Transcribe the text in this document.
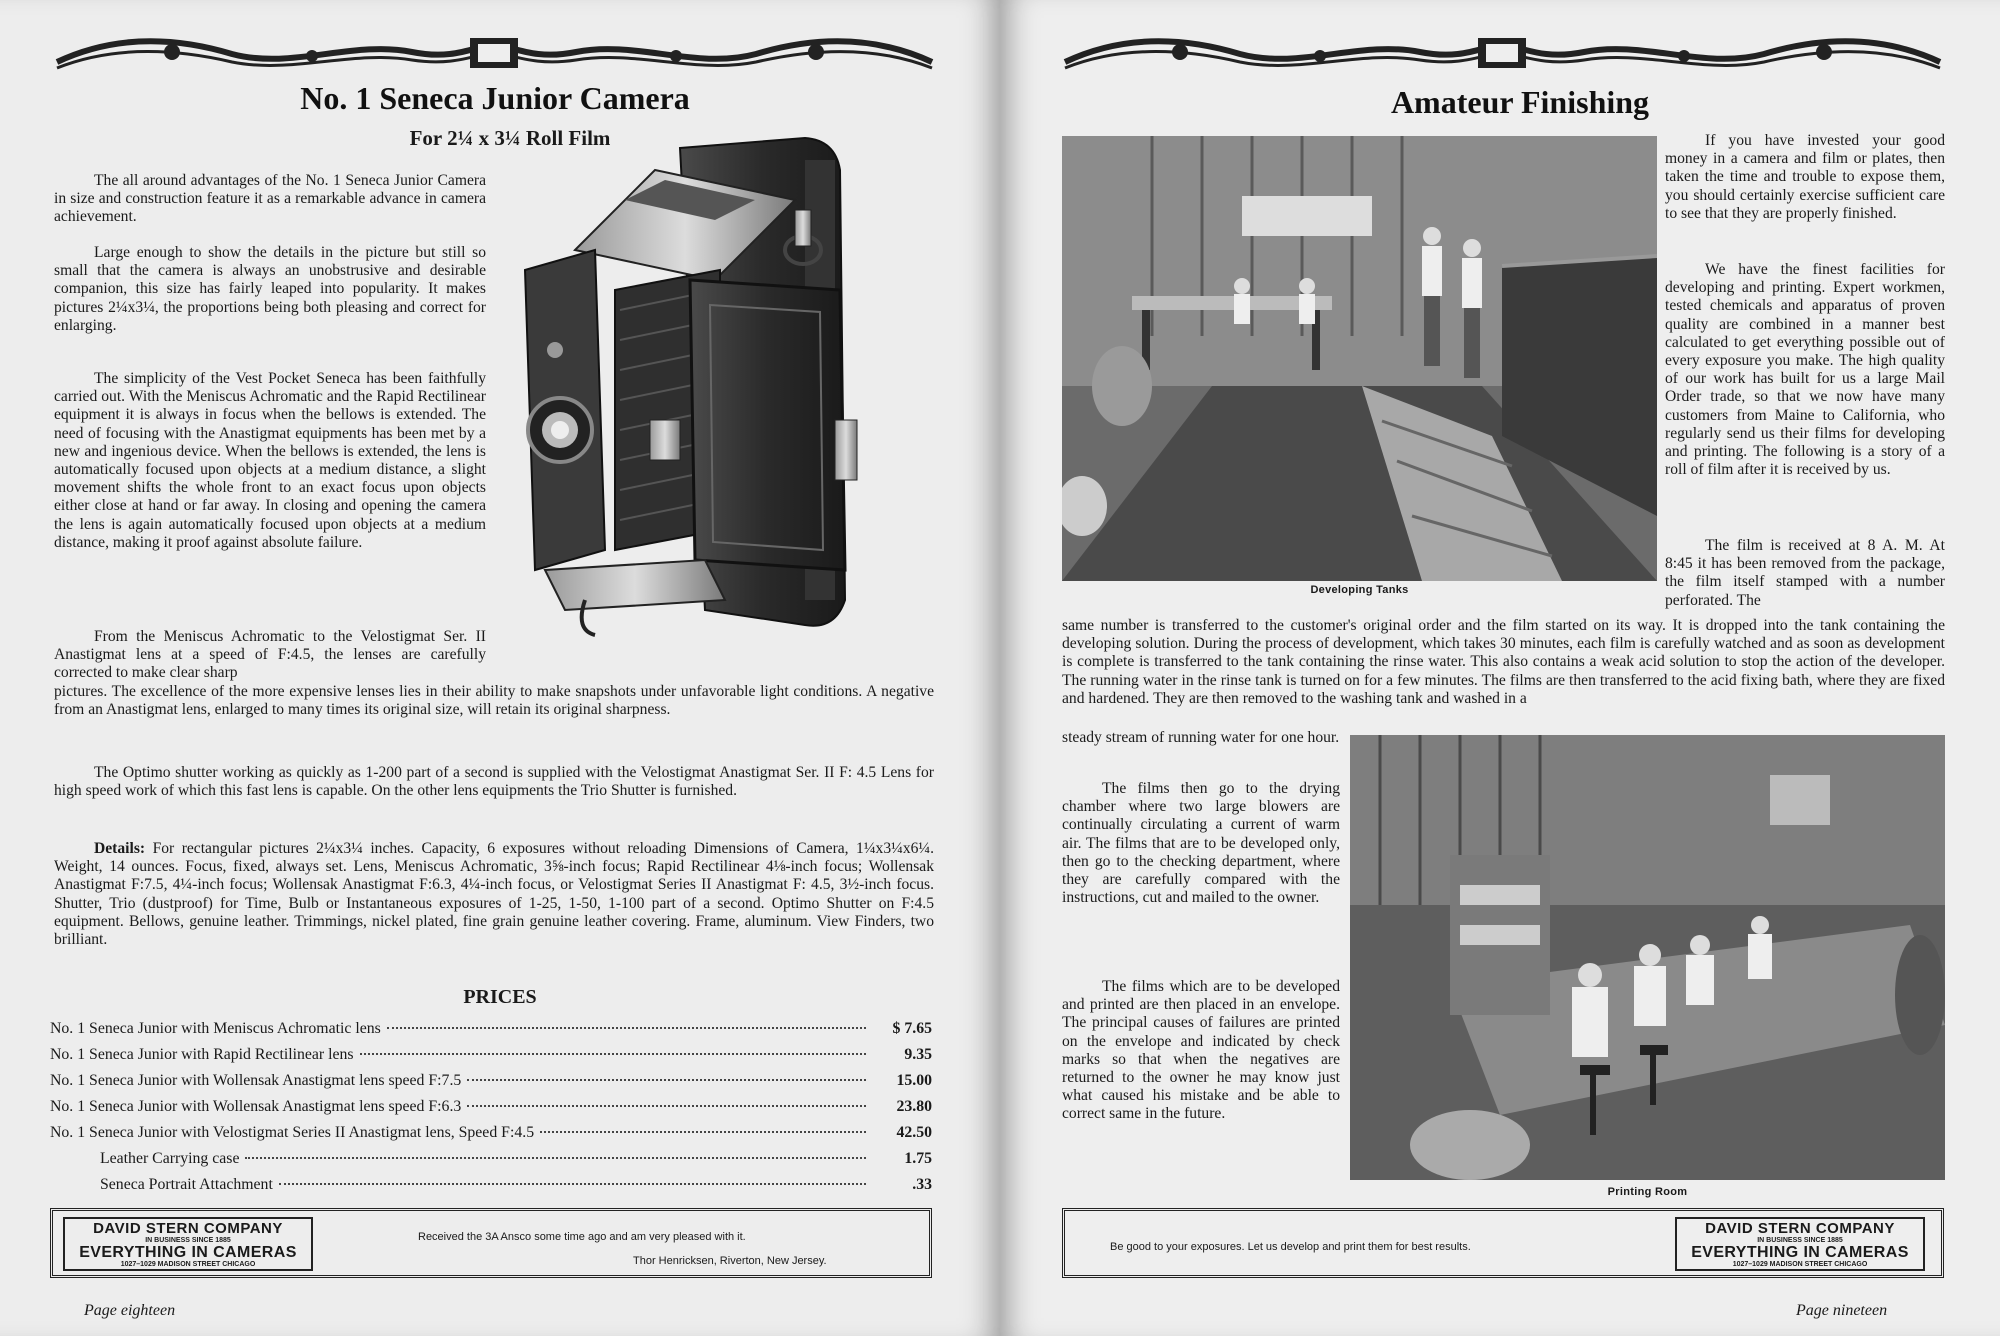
No. 1 Seneca Junior Camera
For 2¼ x 3¼ Roll Film
The all around advantages of the No. 1 Seneca Junior Camera in size and construction feature it as a remarkable advance in camera achievement.
Large enough to show the details in the picture but still so small that the camera is always an unobstrusive and desirable companion, this size has fairly leaped into popularity. It makes pictures 2¼x3¼, the proportions being both pleasing and correct for enlarging.
The simplicity of the Vest Pocket Seneca has been faithfully carried out. With the Meniscus Achromatic and the Rapid Rectilinear equipment it is always in focus when the bellows is extended. The need of focusing with the Anastigmat equipments has been met by a new and ingenious device. When the bellows is extended, the lens is automatically focused upon objects at a medium distance, a slight movement shifts the whole front to an exact focus upon objects either close at hand or far away. In closing and opening the camera the lens is again automatically focused upon objects at a medium distance, making it proof against absolute failure.
From the Meniscus Achromatic to the Velostigmat Ser. II Anastigmat lens at a speed of F:4.5, the lenses are carefully corrected to make clear sharp
pictures. The excellence of the more expensive lenses lies in their ability to make snapshots under unfavorable light conditions. A negative from an Anastigmat lens, enlarged to many times its original size, will retain its original sharpness.
The Optimo shutter working as quickly as 1-200 part of a second is supplied with the Velostigmat Anastigmat Ser. II F: 4.5 Lens for high speed work of which this fast lens is capable. On the other lens equipments the Trio Shutter is furnished.
Details: For rectangular pictures 2¼x3¼ inches. Capacity, 6 exposures without reloading Dimensions of Camera, 1¼x3¼x6¼. Weight, 14 ounces. Focus, fixed, always set. Lens, Meniscus Achromatic, 3⅝-inch focus; Rapid Rectilinear 4⅛-inch focus; Wollensak Anastigmat F:7.5, 4¼-inch focus; Wollensak Anastigmat F:6.3, 4¼-inch focus, or Velostigmat Series II Anastigmat F: 4.5, 3½-inch focus. Shutter, Trio (dustproof) for Time, Bulb or Instantaneous exposures of 1-25, 1-50, 1-100 part of a second. Optimo Shutter on F:4.5 equipment. Bellows, genuine leather. Trimmings, nickel plated, fine grain genuine leather covering. Frame, aluminum. View Finders, two brilliant.
PRICES
No. 1 Seneca Junior with Meniscus Achromatic lens	$ 7.65
No. 1 Seneca Junior with Rapid Rectilinear lens	9.35
No. 1 Seneca Junior with Wollensak Anastigmat lens speed F:7.5	15.00
No. 1 Seneca Junior with Wollensak Anastigmat lens speed F:6.3	23.80
No. 1 Seneca Junior with Velostigmat Series II Anastigmat lens, Speed F:4.5	42.50
Leather Carrying case	1.75
Seneca Portrait Attachment	.33
DAVID STERN COMPANY
IN BUSINESS SINCE 1885
EVERYTHING IN CAMERAS
1027–1029 MADISON STREET CHICAGO
Received the 3A Ansco some time ago and am very pleased with it.
Thor Henricksen, Riverton, New Jersey.
Page eighteen
Amateur Finishing
Developing Tanks
If you have invested your good money in a camera and film or plates, then taken the time and trouble to expose them, you should certainly exercise sufficient care to see that they are properly finished.
We have the finest facilities for developing and printing. Expert workmen, tested chemicals and apparatus of proven quality are combined in a manner best calculated to get everything possible out of every exposure you make. The high quality of our work has built for us a large Mail Order trade, so that we now have many customers from Maine to California, who regularly send us their films for developing and printing. The following is a story of a roll of film after it is received by us.
The film is received at 8 A. M. At 8:45 it has been removed from the package, the film itself stamped with a number perforated. The
same number is transferred to the customer's original order and the film started on its way. It is dropped into the tank containing the developing solution. During the process of development, which takes 30 minutes, each film is carefully watched and as soon as development is complete is transferred to the tank containing the rinse water. This also contains a weak acid solution to stop the action of the developer. The running water in the rinse tank is turned on for a few minutes. The films are then transferred to the acid fixing bath, where they are fixed and hardened. They are then removed to the washing tank and washed in a
steady stream of running water for one hour.
The films then go to the drying chamber where two large blowers are continually circulating a current of warm air. The films that are to be developed only, then go to the checking department, where they are carefully compared with the instructions, cut and mailed to the owner.
The films which are to be developed and printed are then placed in an envelope. The principal causes of failures are printed on the envelope and indicated by check marks so that when the negatives are returned to the owner he may know just what caused his mistake and be able to correct same in the future.
Printing Room
Be good to your exposures. Let us develop and print them for best results.
DAVID STERN COMPANY
IN BUSINESS SINCE 1885
EVERYTHING IN CAMERAS
1027–1029 MADISON STREET CHICAGO
Page nineteen
